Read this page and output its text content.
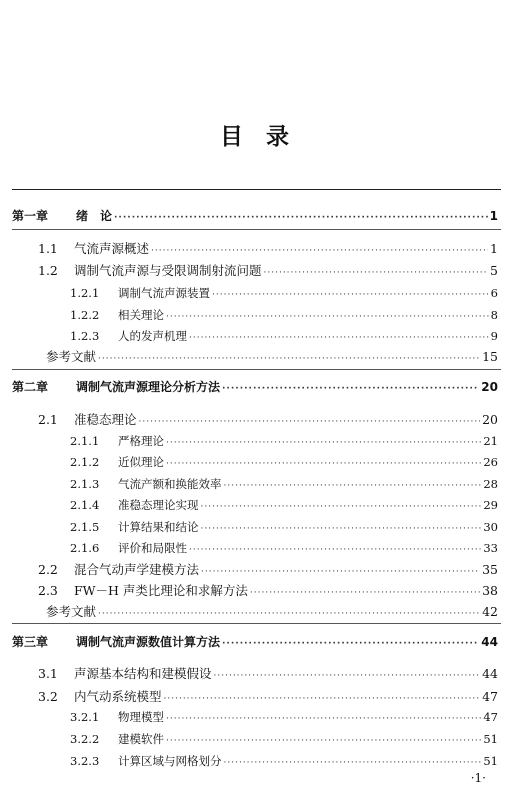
目 录
第一章	绪　论 ·····	1
1.1	气流声源概述 ·····	1
1.2	调制气流声源与受限调制射流问题 ·····	5
1.2.1	调制气流声源装置 ·····	6
1.2.2	相关理论 ·····	8
1.2.3	人的发声机理 ·····	9
参考文献 ·····	15
第二章	调制气流声源理论分析方法 ·····	20
2.1	准稳态理论 ·····	20
2.1.1	严格理论 ·····	21
2.1.2	近似理论 ·····	26
2.1.3	气流产额和换能效率 ·····	28
2.1.4	准稳态理论实现 ·····	29
2.1.5	计算结果和结论 ·····	30
2.1.6	评价和局限性 ·····	33
2.2	混合气动声学建模方法 ·····	35
2.3	FW－H 声类比理论和求解方法 ·····	38
参考文献 ·····	42
第三章	调制气流声源数值计算方法 ·····	44
3.1	声源基本结构和建模假设 ·····	44
3.2	内气动系统模型 ·····	47
3.2.1	物理模型 ·····	47
3.2.2	建模软件 ·····	51
3.2.3	计算区域与网格划分 ·····	51
·1·
